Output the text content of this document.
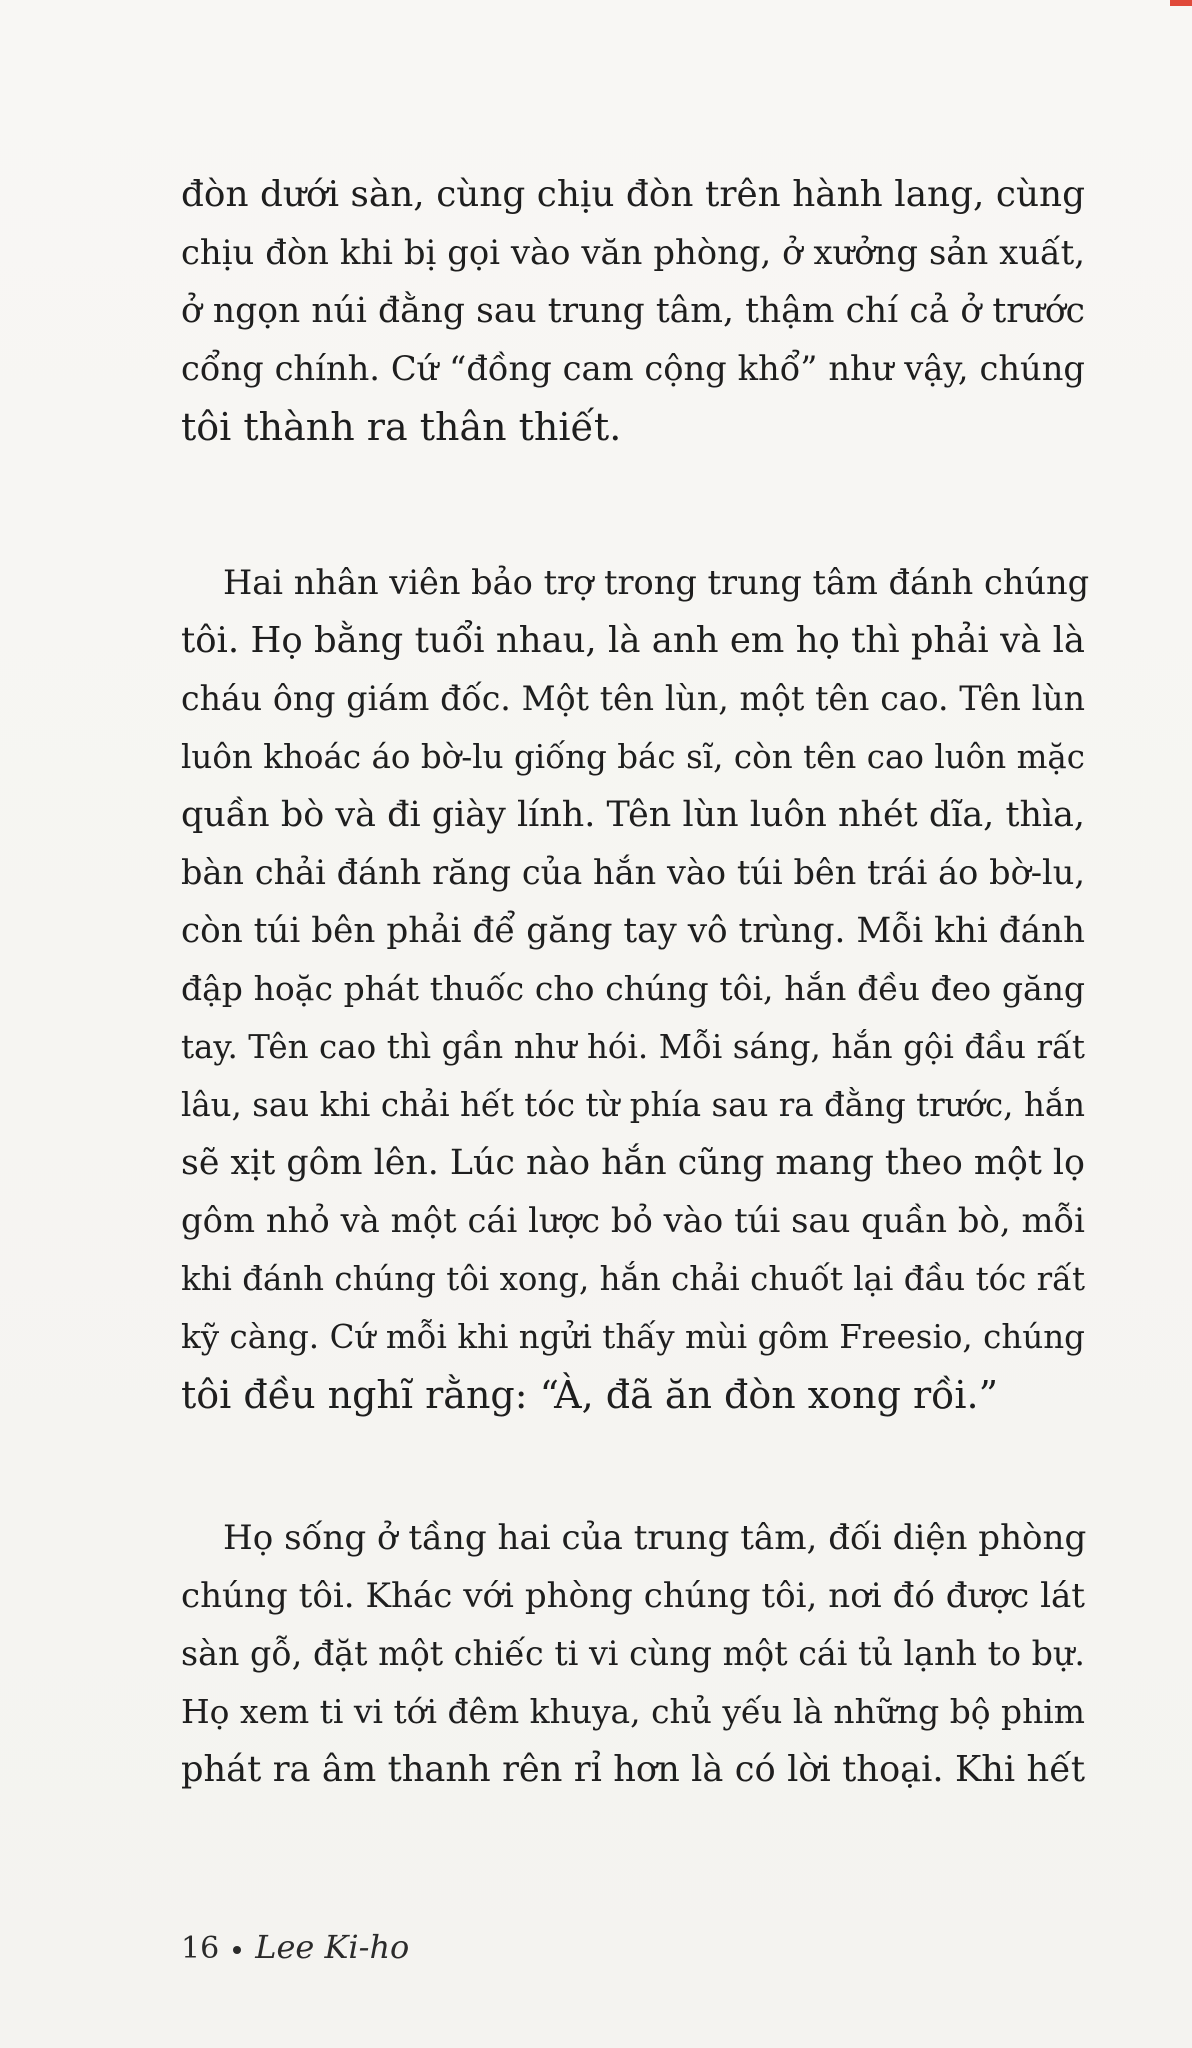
đòn dưới sàn, cùng chịu đòn trên hành lang, cùng
chịu đòn khi bị gọi vào văn phòng, ở xưởng sản xuất,
ở ngọn núi đằng sau trung tâm, thậm chí cả ở trước
cổng chính. Cứ “đồng cam cộng khổ” như vậy, chúng
tôi thành ra thân thiết.
Hai nhân viên bảo trợ trong trung tâm đánh chúng
tôi. Họ bằng tuổi nhau, là anh em họ thì phải và là
cháu ông giám đốc. Một tên lùn, một tên cao. Tên lùn
luôn khoác áo bờ-lu giống bác sĩ, còn tên cao luôn mặc
quần bò và đi giày lính. Tên lùn luôn nhét dĩa, thìa,
bàn chải đánh răng của hắn vào túi bên trái áo bờ-lu,
còn túi bên phải để găng tay vô trùng. Mỗi khi đánh
đập hoặc phát thuốc cho chúng tôi, hắn đều đeo găng
tay. Tên cao thì gần như hói. Mỗi sáng, hắn gội đầu rất
lâu, sau khi chải hết tóc từ phía sau ra đằng trước, hắn
sẽ xịt gôm lên. Lúc nào hắn cũng mang theo một lọ
gôm nhỏ và một cái lược bỏ vào túi sau quần bò, mỗi
khi đánh chúng tôi xong, hắn chải chuốt lại đầu tóc rất
kỹ càng. Cứ mỗi khi ngửi thấy mùi gôm Freesio, chúng
tôi đều nghĩ rằng: “À, đã ăn đòn xong rồi.”
Họ sống ở tầng hai của trung tâm, đối diện phòng
chúng tôi. Khác với phòng chúng tôi, nơi đó được lát
sàn gỗ, đặt một chiếc ti vi cùng một cái tủ lạnh to bự.
Họ xem ti vi tới đêm khuya, chủ yếu là những bộ phim
phát ra âm thanh rên rỉ hơn là có lời thoại. Khi hết
16 Lee Ki-ho
